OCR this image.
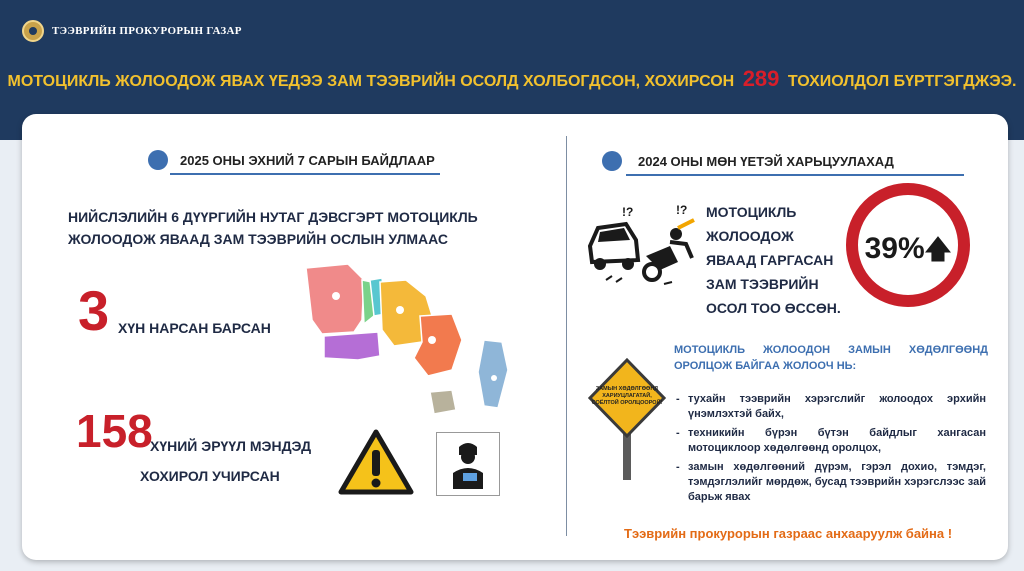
ТЭЭВРИЙН ПРОКУРОРЫН ГАЗАР
МОТОЦИКЛЬ ЖОЛООДОЖ ЯВАХ ҮЕДЭЭ ЗАМ ТЭЭВРИЙН ОСОЛД ХОЛБОГДСОН, ХОХИРСОН 289 ТОХИОЛДОЛ БҮРТГЭГДЖЭЭ.
2025 ОНЫ ЭХНИЙ 7 САРЫН БАЙДЛААР
НИЙСЛЭЛИЙН 6 ДҮҮРГИЙН НУТАГ ДЭВСГЭРТ МОТОЦИКЛЬ ЖОЛООДОЖ ЯВААД ЗАМ ТЭЭВРИЙН ОСЛЫН УЛМААС
3 ХҮН НАРСАН БАРСАН
158
ХҮНИЙ ЭРҮҮЛ МЭНДЭД
ХОХИРОЛ УЧИРСАН
2024 ОНЫ МӨН ҮЕТЭЙ ХАРЬЦУУЛАХАД
!?	!? МОТОЦИКЛЬ ЖОЛООДОЖ ЯВААД ГАРГАСАН ЗАМ ТЭЭВРИЙН ОСОЛ ТОО ӨССӨН.
39%🡅
ЗАМЫН ХӨДӨЛГӨӨНД ХАРИУЦЛАГАТАЙ, СОЁЛТОЙ ОРОЛЦООРОЙ!
МОТОЦИКЛЬ ЖОЛООДОН ЗАМЫН ХӨДӨЛГӨӨНД ОРОЛЦОЖ БАЙГАА ЖОЛООЧ НЬ:
- тухайн тээврийн хэрэгслийг жолоодох эрхийн үнэмлэхтэй байх,
- техникийн бүрэн бүтэн байдлыг хангасан мотоциклоор хөдөлгөөнд оролцох,
- замын хөдөлгөөний дүрэм, гэрэл дохио, тэмдэг, тэмдэглэлийг мөрдөж, бусад тээврийн хэрэгслээс зай барьж явах
Тээврийн прокурорын газраас анхааруулж байна !
